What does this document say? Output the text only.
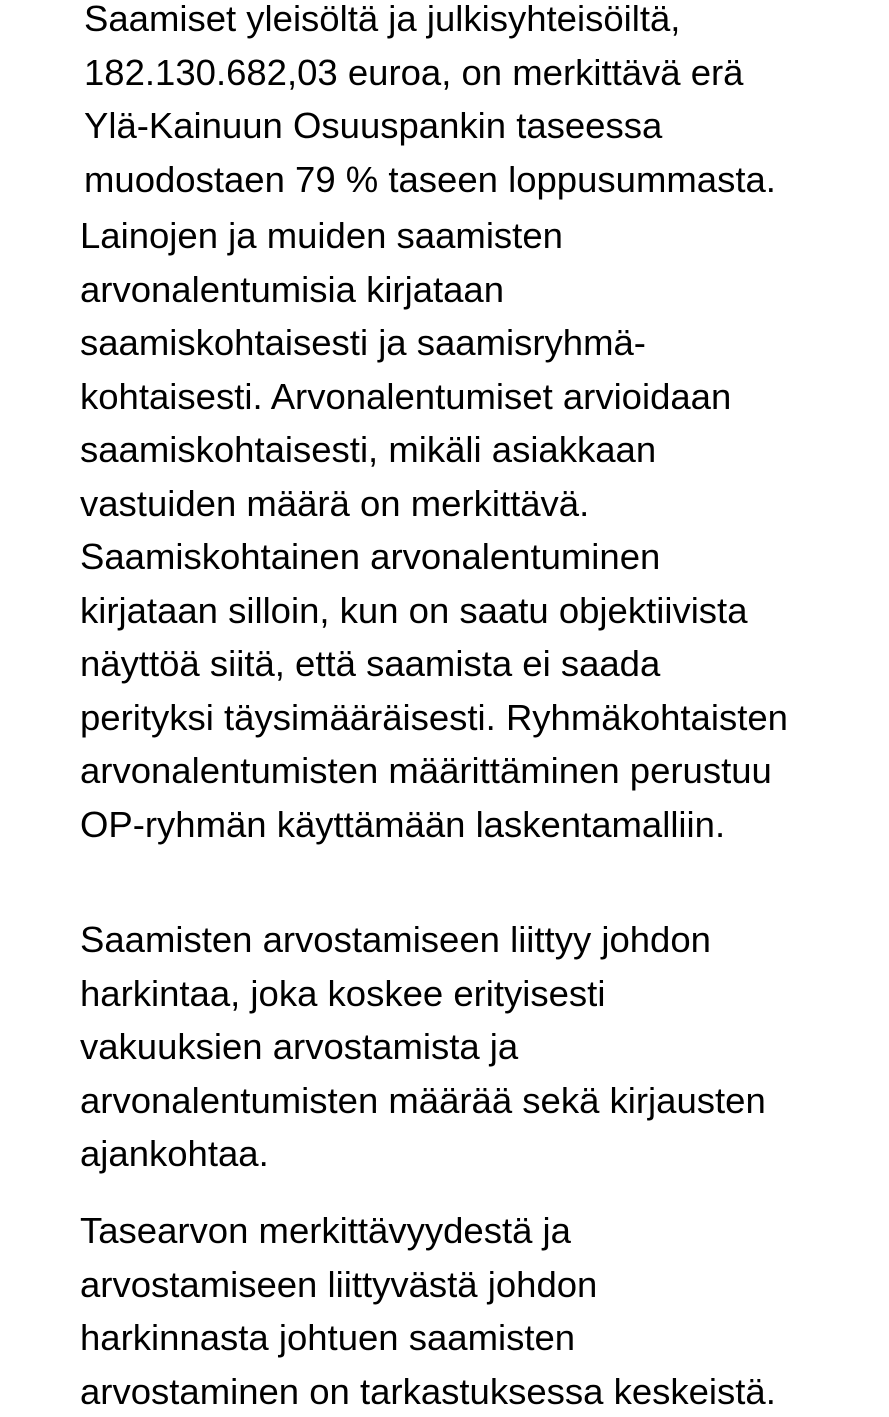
Saamiset yleisöltä ja julkisyhteisöiltä,
182.130.682,03 euroa, on merkittävä erä
Ylä-Kainuun Osuuspankin taseessa
muodostaen 79 % taseen loppusummasta.

Lainojen ja muiden saamisten
arvonalentumisia kirjataan
saamiskohtaisesti ja saamisryhmä-
kohtaisesti. Arvonalentumiset arvioidaan
saamiskohtaisesti, mikäli asiakkaan
vastuiden määrä on merkittävä.
Saamiskohtainen arvonalentuminen
kirjataan silloin, kun on saatu objektiivista
näyttöä siitä, että saamista ei saada
perityksi täysimääräisesti. Ryhmäkohtaisten
arvonalentumisten määrittäminen perustuu
OP-ryhmän käyttämään laskentamalliin.

Saamisten arvostamiseen liittyy johdon
harkintaa, joka koskee erityisesti
vakuuksien arvostamista ja
arvonalentumisten määrää sekä kirjausten
ajankohtaa.

Tasearvon merkittävyydestä ja
arvostamiseen liittyvästä johdon
harkinnasta johtuen saamisten
arvostaminen on tarkastuksessa keskeistä.
